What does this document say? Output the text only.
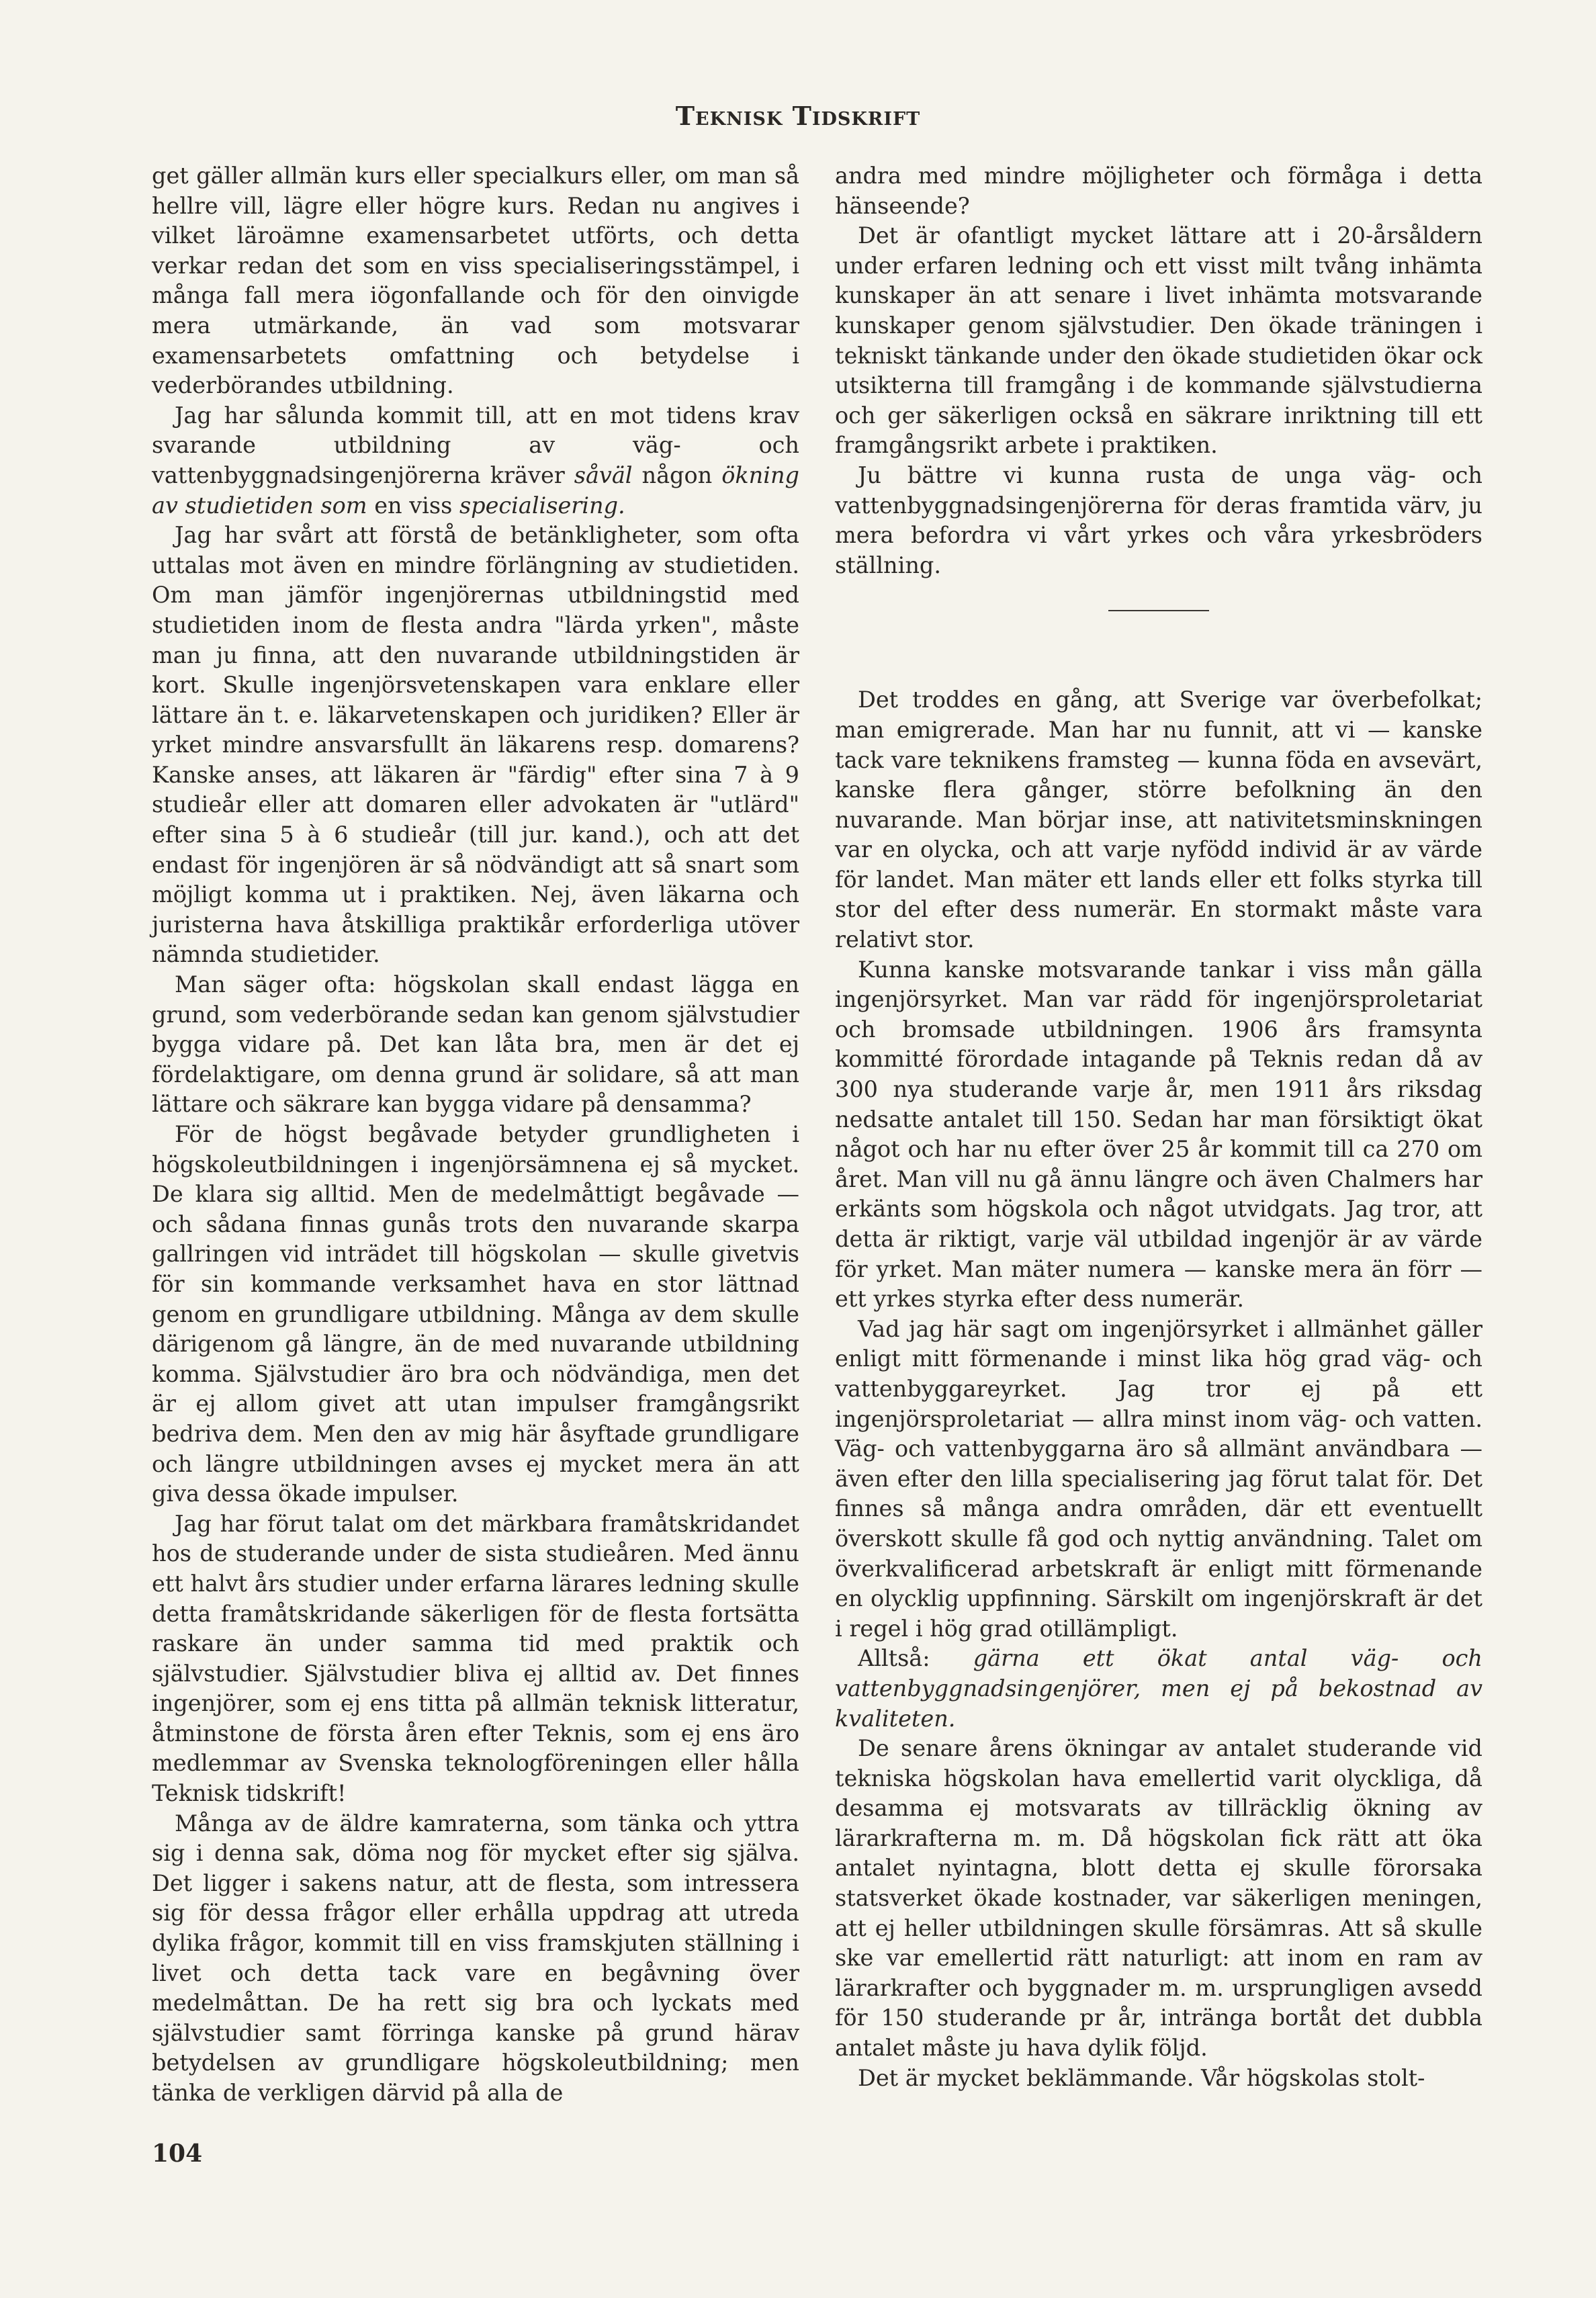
Teknisk Tidskrift

get gäller allmän kurs eller specialkurs eller, om man så hellre vill, lägre eller högre kurs. Redan nu angives i vilket läroämne examensarbetet utförts, och detta verkar redan det som en viss specialiseringsstämpel, i många fall mera iögonfallande och för den oinvigde mera utmärkande, än vad som motsvarar examensarbetets omfattning och betydelse i vederbörandes utbildning.

Jag har sålunda kommit till, att en mot tidens krav svarande utbildning av väg- och vattenbyggnadsingenjörerna kräver såväl någon ökning av studietiden som en viss specialisering.

Jag har svårt att förstå de betänkligheter, som ofta uttalas mot även en mindre förlängning av studietiden. Om man jämför ingenjörernas utbildningstid med studietiden inom de flesta andra "lärda yrken", måste man ju finna, att den nuvarande utbildningstiden är kort. Skulle ingenjörsvetenskapen vara enklare eller lättare än t. e. läkarvetenskapen och juridiken? Eller är yrket mindre ansvarsfullt än läkarens resp. domarens? Kanske anses, att läkaren är "färdig" efter sina 7 à 9 studieår eller att domaren eller advokaten är "utlärd" efter sina 5 à 6 studieår (till jur. kand.), och att det endast för ingenjören är så nödvändigt att så snart som möjligt komma ut i praktiken. Nej, även läkarna och juristerna hava åtskilliga praktikår erforderliga utöver nämnda studietider.

Man säger ofta: högskolan skall endast lägga en grund, som vederbörande sedan kan genom självstudier bygga vidare på. Det kan låta bra, men är det ej fördelaktigare, om denna grund är solidare, så att man lättare och säkrare kan bygga vidare på densamma?

För de högst begåvade betyder grundligheten i högskoleutbildningen i ingenjörsämnena ej så mycket. De klara sig alltid. Men de medelmåttigt begåvade — och sådana finnas gunås trots den nuvarande skarpa gallringen vid inträdet till högskolan — skulle givetvis för sin kommande verksamhet hava en stor lättnad genom en grundligare utbildning. Många av dem skulle därigenom gå längre, än de med nuvarande utbildning komma. Självstudier äro bra och nödvändiga, men det är ej allom givet att utan impulser framgångsrikt bedriva dem. Men den av mig här åsyftade grundligare och längre utbildningen avses ej mycket mera än att giva dessa ökade impulser.

Jag har förut talat om det märkbara framåtskridandet hos de studerande under de sista studieåren. Med ännu ett halvt års studier under erfarna lärares ledning skulle detta framåtskridande säkerligen för de flesta fortsätta raskare än under samma tid med praktik och självstudier. Självstudier bliva ej alltid av. Det finnes ingenjörer, som ej ens titta på allmän teknisk litteratur, åtminstone de första åren efter Teknis, som ej ens äro medlemmar av Svenska teknologföreningen eller hålla Teknisk tidskrift!

Många av de äldre kamraterna, som tänka och yttra sig i denna sak, döma nog för mycket efter sig själva. Det ligger i sakens natur, att de flesta, som intressera sig för dessa frågor eller erhålla uppdrag att utreda dylika frågor, kommit till en viss framskjuten ställning i livet och detta tack vare en begåvning över medelmåttan. De ha rett sig bra och lyckats med självstudier samt förringa kanske på grund härav betydelsen av grundligare högskoleutbildning; men tänka de verkligen därvid på alla de

andra med mindre möjligheter och förmåga i detta hänseende?

Det är ofantligt mycket lättare att i 20-årsåldern under erfaren ledning och ett visst milt tvång inhämta kunskaper än att senare i livet inhämta motsvarande kunskaper genom självstudier. Den ökade träningen i tekniskt tänkande under den ökade studietiden ökar ock utsikterna till framgång i de kommande självstudierna och ger säkerligen också en säkrare inriktning till ett framgångsrikt arbete i praktiken.

Ju bättre vi kunna rusta de unga väg- och vattenbyggnadsingenjörerna för deras framtida värv, ju mera befordra vi vårt yrkes och våra yrkesbröders ställning.

Det troddes en gång, att Sverige var överbefolkat; man emigrerade. Man har nu funnit, att vi — kanske tack vare teknikens framsteg — kunna föda en avsevärt, kanske flera gånger, större befolkning än den nuvarande. Man börjar inse, att nativitetsminskningen var en olycka, och att varje nyfödd individ är av värde för landet. Man mäter ett lands eller ett folks styrka till stor del efter dess numerär. En stormakt måste vara relativt stor.

Kunna kanske motsvarande tankar i viss mån gälla ingenjörsyrket. Man var rädd för ingenjörsproletariat och bromsade utbildningen. 1906 års framsynta kommitté förordade intagande på Teknis redan då av 300 nya studerande varje år, men 1911 års riksdag nedsatte antalet till 150. Sedan har man försiktigt ökat något och har nu efter över 25 år kommit till ca 270 om året. Man vill nu gå ännu längre och även Chalmers har erkänts som högskola och något utvidgats. Jag tror, att detta är riktigt, varje väl utbildad ingenjör är av värde för yrket. Man mäter numera — kanske mera än förr — ett yrkes styrka efter dess numerär.

Vad jag här sagt om ingenjörsyrket i allmänhet gäller enligt mitt förmenande i minst lika hög grad väg- och vattenbyggareyrket. Jag tror ej på ett ingenjörsproletariat — allra minst inom väg- och vatten. Väg- och vattenbyggarna äro så allmänt användbara — även efter den lilla specialisering jag förut talat för. Det finnes så många andra områden, där ett eventuellt överskott skulle få god och nyttig användning. Talet om överkvalificerad arbetskraft är enligt mitt förmenande en olycklig uppfinning. Särskilt om ingenjörskraft är det i regel i hög grad otillämpligt.

Alltså: gärna ett ökat antal väg- och vattenbyggnadsingenjörer, men ej på bekostnad av kvaliteten.

De senare årens ökningar av antalet studerande vid tekniska högskolan hava emellertid varit olyckliga, då desamma ej motsvarats av tillräcklig ökning av lärarkrafterna m. m. Då högskolan fick rätt att öka antalet nyintagna, blott detta ej skulle förorsaka statsverket ökade kostnader, var säkerligen meningen, att ej heller utbildningen skulle försämras. Att så skulle ske var emellertid rätt naturligt: att inom en ram av lärarkrafter och byggnader m. m. ursprungligen avsedd för 150 studerande pr år, intränga bortåt det dubbla antalet måste ju hava dylik följd.

Det är mycket beklämmande. Vår högskolas stolt-

104
